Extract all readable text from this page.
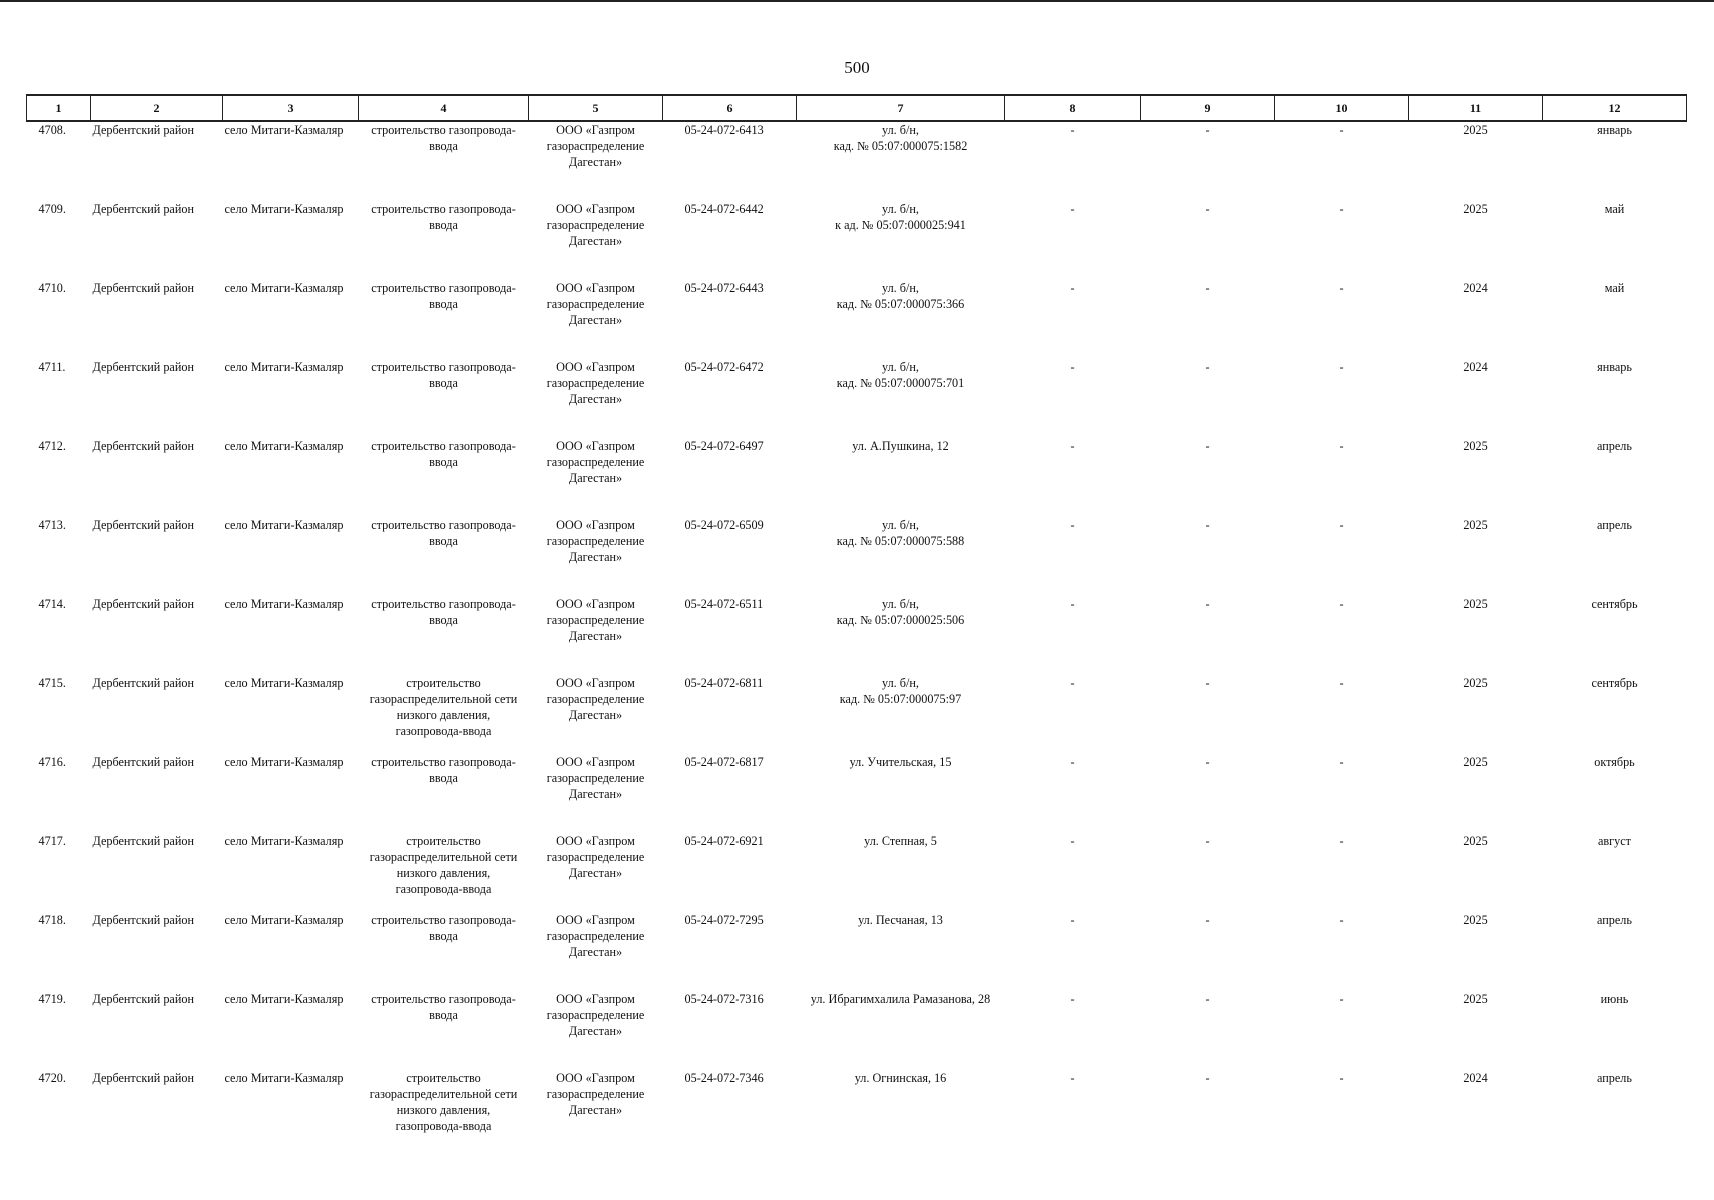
500
1	2	3	4	5	6	7	8	9	10	11	12
4708.	Дербентский район	село Митаги-Казмаляр	строительство газопровода-
ввода	ООО «Газпром
газораспределение
Дагестан»	05-24-072-6413	ул. б/н,
кад. № 05:07:000075:1582	-	-	-	2025	январь
4709.	Дербентский район	село Митаги-Казмаляр	строительство газопровода-
ввода	ООО «Газпром
газораспределение
Дагестан»	05-24-072-6442	ул. б/н,
к ад. № 05:07:000025:941	-	-	-	2025	май
4710.	Дербентский район	село Митаги-Казмаляр	строительство газопровода-
ввода	ООО «Газпром
газораспределение
Дагестан»	05-24-072-6443	ул. б/н,
кад. № 05:07:000075:366	-	-	-	2024	май
4711.	Дербентский район	село Митаги-Казмаляр	строительство газопровода-
ввода	ООО «Газпром
газораспределение
Дагестан»	05-24-072-6472	ул. б/н,
кад. № 05:07:000075:701	-	-	-	2024	январь
4712.	Дербентский район	село Митаги-Казмаляр	строительство газопровода-
ввода	ООО «Газпром
газораспределение
Дагестан»	05-24-072-6497	ул. А.Пушкина, 12	-	-	-	2025	апрель
4713.	Дербентский район	село Митаги-Казмаляр	строительство газопровода-
ввода	ООО «Газпром
газораспределение
Дагестан»	05-24-072-6509	ул. б/н,
кад. № 05:07:000075:588	-	-	-	2025	апрель
4714.	Дербентский район	село Митаги-Казмаляр	строительство газопровода-
ввода	ООО «Газпром
газораспределение
Дагестан»	05-24-072-6511	ул. б/н,
кад. № 05:07:000025:506	-	-	-	2025	сентябрь
4715.	Дербентский район	село Митаги-Казмаляр	строительство
газораспределительной сети
низкого давления,
газопровода-ввода	ООО «Газпром
газораспределение
Дагестан»	05-24-072-6811	ул. б/н,
кад. № 05:07:000075:97	-	-	-	2025	сентябрь
4716.	Дербентский район	село Митаги-Казмаляр	строительство газопровода-
ввода	ООО «Газпром
газораспределение
Дагестан»	05-24-072-6817	ул. Учительская, 15	-	-	-	2025	октябрь
4717.	Дербентский район	село Митаги-Казмаляр	строительство
газораспределительной сети
низкого давления,
газопровода-ввода	ООО «Газпром
газораспределение
Дагестан»	05-24-072-6921	ул. Степная, 5	-	-	-	2025	август
4718.	Дербентский район	село Митаги-Казмаляр	строительство газопровода-
ввода	ООО «Газпром
газораспределение
Дагестан»	05-24-072-7295	ул. Песчаная, 13	-	-	-	2025	апрель
4719.	Дербентский район	село Митаги-Казмаляр	строительство газопровода-
ввода	ООО «Газпром
газораспределение
Дагестан»	05-24-072-7316	ул. Ибрагимхалила Рамазанова, 28	-	-	-	2025	июнь
4720.	Дербентский район	село Митаги-Казмаляр	строительство
газораспределительной сети
низкого давления,
газопровода-ввода	ООО «Газпром
газораспределение
Дагестан»	05-24-072-7346	ул. Огнинская, 16	-	-	-	2024	апрель
